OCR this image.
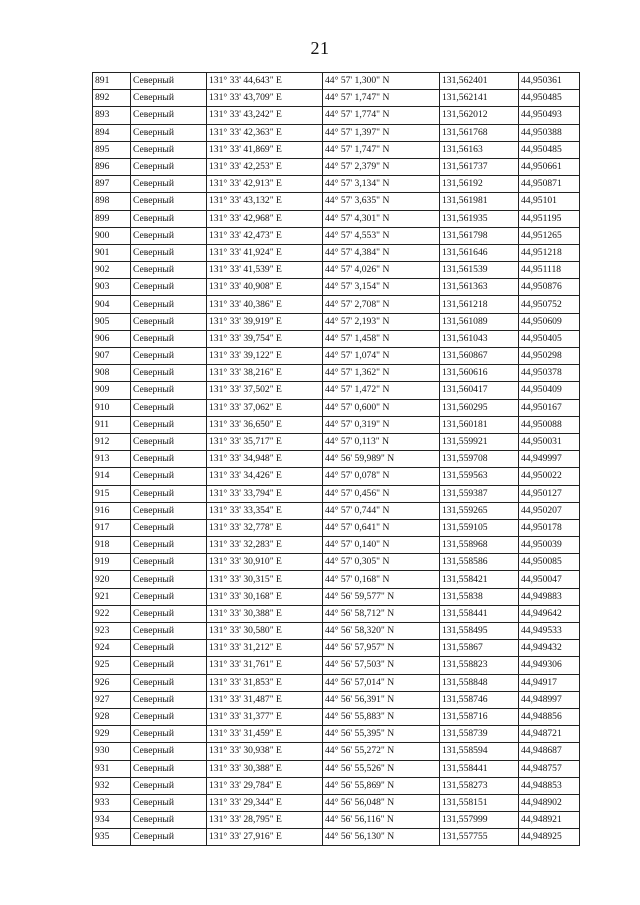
21
891	Северный	131° 33' 44,643" E	44° 57' 1,300" N	131,562401	44,950361
892	Северный	131° 33' 43,709" E	44° 57' 1,747" N	131,562141	44,950485
893	Северный	131° 33' 43,242" E	44° 57' 1,774" N	131,562012	44,950493
894	Северный	131° 33' 42,363" E	44° 57' 1,397" N	131,561768	44,950388
895	Северный	131° 33' 41,869" E	44° 57' 1,747" N	131,56163	44,950485
896	Северный	131° 33' 42,253" E	44° 57' 2,379" N	131,561737	44,950661
897	Северный	131° 33' 42,913" E	44° 57' 3,134" N	131,56192	44,950871
898	Северный	131° 33' 43,132" E	44° 57' 3,635" N	131,561981	44,95101
899	Северный	131° 33' 42,968" E	44° 57' 4,301" N	131,561935	44,951195
900	Северный	131° 33' 42,473" E	44° 57' 4,553" N	131,561798	44,951265
901	Северный	131° 33' 41,924" E	44° 57' 4,384" N	131,561646	44,951218
902	Северный	131° 33' 41,539" E	44° 57' 4,026" N	131,561539	44,951118
903	Северный	131° 33' 40,908" E	44° 57' 3,154" N	131,561363	44,950876
904	Северный	131° 33' 40,386" E	44° 57' 2,708" N	131,561218	44,950752
905	Северный	131° 33' 39,919" E	44° 57' 2,193" N	131,561089	44,950609
906	Северный	131° 33' 39,754" E	44° 57' 1,458" N	131,561043	44,950405
907	Северный	131° 33' 39,122" E	44° 57' 1,074" N	131,560867	44,950298
908	Северный	131° 33' 38,216" E	44° 57' 1,362" N	131,560616	44,950378
909	Северный	131° 33' 37,502" E	44° 57' 1,472" N	131,560417	44,950409
910	Северный	131° 33' 37,062" E	44° 57' 0,600" N	131,560295	44,950167
911	Северный	131° 33' 36,650" E	44° 57' 0,319" N	131,560181	44,950088
912	Северный	131° 33' 35,717" E	44° 57' 0,113" N	131,559921	44,950031
913	Северный	131° 33' 34,948" E	44° 56' 59,989" N	131,559708	44,949997
914	Северный	131° 33' 34,426" E	44° 57' 0,078" N	131,559563	44,950022
915	Северный	131° 33' 33,794" E	44° 57' 0,456" N	131,559387	44,950127
916	Северный	131° 33' 33,354" E	44° 57' 0,744" N	131,559265	44,950207
917	Северный	131° 33' 32,778" E	44° 57' 0,641" N	131,559105	44,950178
918	Северный	131° 33' 32,283" E	44° 57' 0,140" N	131,558968	44,950039
919	Северный	131° 33' 30,910" E	44° 57' 0,305" N	131,558586	44,950085
920	Северный	131° 33' 30,315" E	44° 57' 0,168" N	131,558421	44,950047
921	Северный	131° 33' 30,168" E	44° 56' 59,577" N	131,55838	44,949883
922	Северный	131° 33' 30,388" E	44° 56' 58,712" N	131,558441	44,949642
923	Северный	131° 33' 30,580" E	44° 56' 58,320" N	131,558495	44,949533
924	Северный	131° 33' 31,212" E	44° 56' 57,957" N	131,55867	44,949432
925	Северный	131° 33' 31,761" E	44° 56' 57,503" N	131,558823	44,949306
926	Северный	131° 33' 31,853" E	44° 56' 57,014" N	131,558848	44,94917
927	Северный	131° 33' 31,487" E	44° 56' 56,391" N	131,558746	44,948997
928	Северный	131° 33' 31,377" E	44° 56' 55,883" N	131,558716	44,948856
929	Северный	131° 33' 31,459" E	44° 56' 55,395" N	131,558739	44,948721
930	Северный	131° 33' 30,938" E	44° 56' 55,272" N	131,558594	44,948687
931	Северный	131° 33' 30,388" E	44° 56' 55,526" N	131,558441	44,948757
932	Северный	131° 33' 29,784" E	44° 56' 55,869" N	131,558273	44,948853
933	Северный	131° 33' 29,344" E	44° 56' 56,048" N	131,558151	44,948902
934	Северный	131° 33' 28,795" E	44° 56' 56,116" N	131,557999	44,948921
935	Северный	131° 33' 27,916" E	44° 56' 56,130" N	131,557755	44,948925
